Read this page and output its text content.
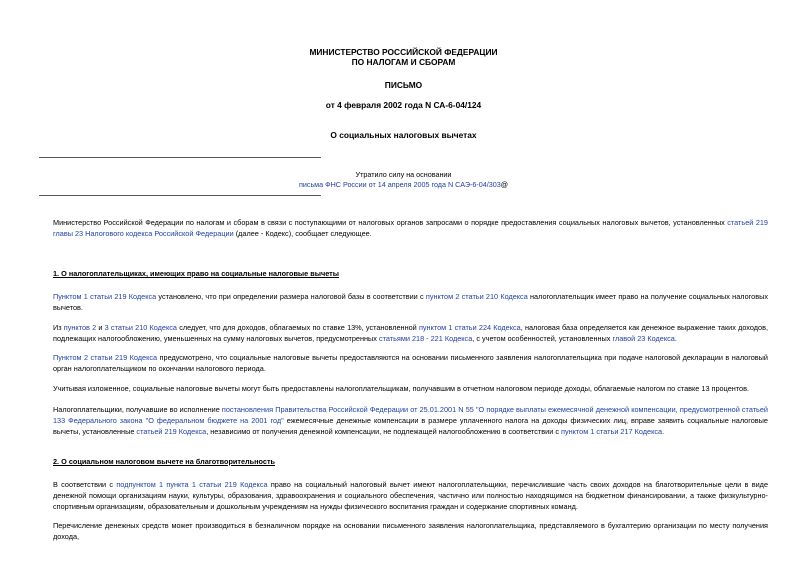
МИНИСТЕРСТВО РОССИЙСКОЙ ФЕДЕРАЦИИ
ПО НАЛОГАМ И СБОРАМ
ПИСЬМО
от 4 февраля 2002 года N СА-6-04/124
О социальных налоговых вычетах
Утратило силу на основании
письма ФНС России от 14 апреля 2005 года N САЭ-6-04/303@
Министерство Российской Федерации по налогам и сборам в связи с поступающими от налоговых органов запросами о порядке предоставления социальных налоговых вычетов, установленных статьей 219 главы 23 Налогового кодекса Российской Федерации (далее - Кодекс), сообщает следующее.
1. О налогоплательщиках, имеющих право на социальные налоговые вычеты
Пунктом 1 статьи 219 Кодекса установлено, что при определении размера налоговой базы в соответствии с пунктом 2 статьи 210 Кодекса налогоплательщик имеет право на получение социальных налоговых вычетов.
Из пунктов 2 и 3 статьи 210 Кодекса следует, что для доходов, облагаемых по ставке 13%, установленной пунктом 1 статьи 224 Кодекса, налоговая база определяется как денежное выражение таких доходов, подлежащих налогообложению, уменьшенных на сумму налоговых вычетов, предусмотренных статьями 218 - 221 Кодекса, с учетом особенностей, установленных главой 23 Кодекса.
Пунктом 2 статьи 219 Кодекса предусмотрено, что социальные налоговые вычеты предоставляются на основании письменного заявления налогоплательщика при подаче налоговой декларации в налоговый орган налогоплательщиком по окончании налогового периода.
Учитывая изложенное, социальные налоговые вычеты могут быть предоставлены налогоплательщикам, получавшим в отчетном налоговом периоде доходы, облагаемые налогом по ставке 13 процентов.
Налогоплательщики, получавшие во исполнение постановления Правительства Российской Федерации от 25.01.2001 N 55 "О порядке выплаты ежемесячной денежной компенсации, предусмотренной статьей 133 Федерального закона "О федеральном бюджете на 2001 год" ежемесячные денежные компенсации в размере уплаченного налога на доходы физических лиц, вправе заявить социальные налоговые вычеты, установленные статьей 219 Кодекса, независимо от получения денежной компенсации, не подлежащей налогообложению в соответствии с пунктом 1 статьи 217 Кодекса.
2. О социальном налоговом вычете на благотворительность
В соответствии с подпунктом 1 пункта 1 статьи 219 Кодекса право на социальный налоговый вычет имеют налогоплательщики, перечислившие часть своих доходов на благотворительные цели в виде денежной помощи организациям науки, культуры, образования, здравоохранения и социального обеспечения, частично или полностью находящимся на бюджетном финансировании, а также физкультурно-спортивным организациям, образовательным и дошкольным учреждениям на нужды физического воспитания граждан и содержание спортивных команд.
Перечисление денежных средств может производиться в безналичном порядке на основании письменного заявления налогоплательщика, представляемого в бухгалтерию организации по месту получения дохода,
